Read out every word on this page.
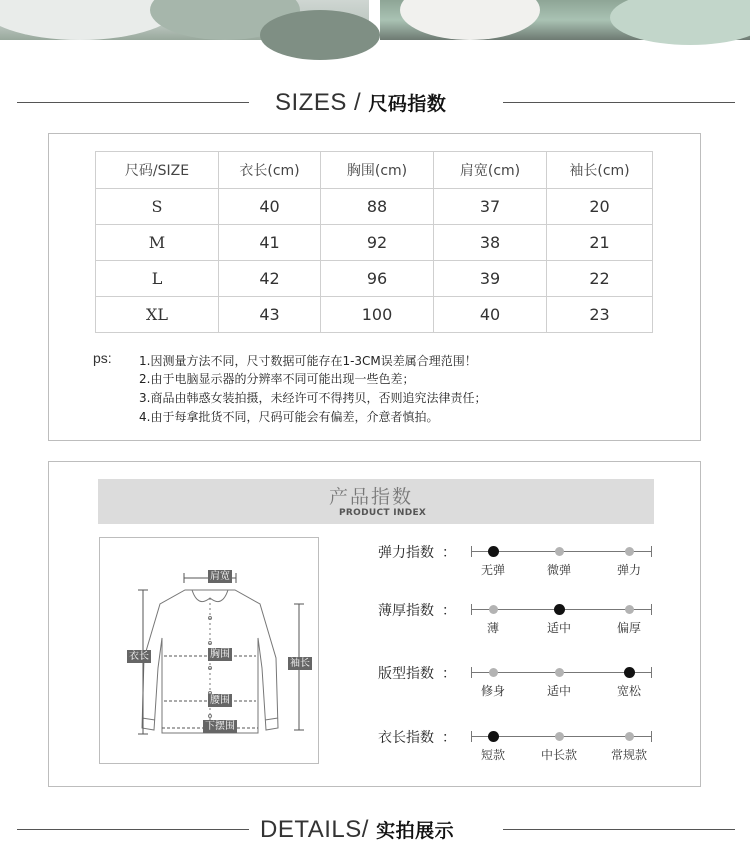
SIZES / 尺码指数
尺码/SIZE	衣长(cm)	胸围(cm)	肩宽(cm)	袖长(cm)
S	40	88	37	20
M	41	92	38	21
L	42	96	39	22
XL	43	100	40	23
ps: 1.因测量方法不同，尺寸数据可能存在1-3CM误差属合理范围！
2.由于电脑显示器的分辨率不同可能出现一些色差；
3.商品由韩惑女装拍摄，未经许可不得拷贝，否则追究法律责任；
4.由于每拿批货不同，尺码可能会有偏差，介意者慎拍。
产品指数
PRODUCT INDEX
肩宽
衣长	胸围
袖长
腰围
下摆围
弹力指数 ：
无弹	微弹	弹力
薄厚指数 ：
薄	适中	偏厚
版型指数 ：
修身	适中	宽松
衣长指数 ：
短款	中长款	常规款
DETAILS/ 实拍展示
